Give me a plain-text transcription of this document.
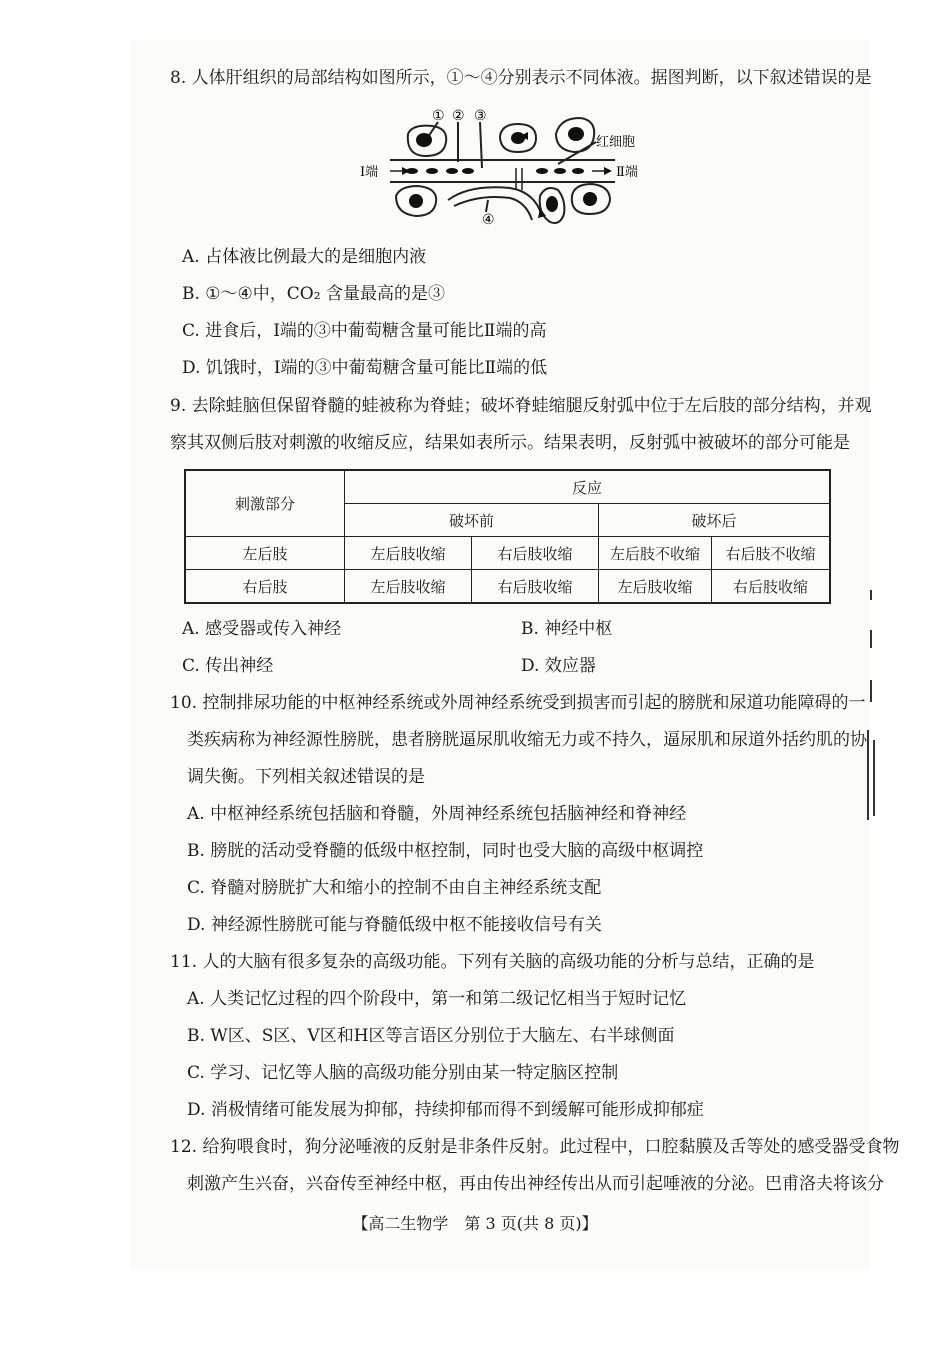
8. 人体肝组织的局部结构如图所示，①～④分别表示不同体液。据图判断，以下叙述错误的是
① ② ③
④
红细胞
Ⅰ端	Ⅱ端
A. 占体液比例最大的是细胞内液
B. ①～④中，CO₂ 含量最高的是③
C. 进食后，Ⅰ端的③中葡萄糖含量可能比Ⅱ端的高
D. 饥饿时，Ⅰ端的③中葡萄糖含量可能比Ⅱ端的低
9. 去除蛙脑但保留脊髓的蛙被称为脊蛙；破坏脊蛙缩腿反射弧中位于左后肢的部分结构，并观
察其双侧后肢对刺激的收缩反应，结果如表所示。结果表明，反射弧中被破坏的部分可能是
刺激部分	反应			
	破坏前		破坏后	
左后肢	左后肢收缩	右后肢收缩	左后肢不收缩	右后肢不收缩
右后肢	左后肢收缩	右后肢收缩	左后肢收缩	右后肢收缩
A. 感受器或传入神经	B. 神经中枢
C. 传出神经	D. 效应器
10. 控制排尿功能的中枢神经系统或外周神经系统受到损害而引起的膀胱和尿道功能障碍的一
类疾病称为神经源性膀胱，患者膀胱逼尿肌收缩无力或不持久，逼尿肌和尿道外括约肌的协
调失衡。下列相关叙述错误的是
A. 中枢神经系统包括脑和脊髓，外周神经系统包括脑神经和脊神经
B. 膀胱的活动受脊髓的低级中枢控制，同时也受大脑的高级中枢调控
C. 脊髓对膀胱扩大和缩小的控制不由自主神经系统支配
D. 神经源性膀胱可能与脊髓低级中枢不能接收信号有关
11. 人的大脑有很多复杂的高级功能。下列有关脑的高级功能的分析与总结，正确的是
A. 人类记忆过程的四个阶段中，第一和第二级记忆相当于短时记忆
B. W区、S区、V区和H区等言语区分别位于大脑左、右半球侧面
C. 学习、记忆等人脑的高级功能分别由某一特定脑区控制
D. 消极情绪可能发展为抑郁，持续抑郁而得不到缓解可能形成抑郁症
12. 给狗喂食时，狗分泌唾液的反射是非条件反射。此过程中，口腔黏膜及舌等处的感受器受食物
刺激产生兴奋，兴奋传至神经中枢，再由传出神经传出从而引起唾液的分泌。巴甫洛夫将该分
【高二生物学　第 3 页(共 8 页)】
